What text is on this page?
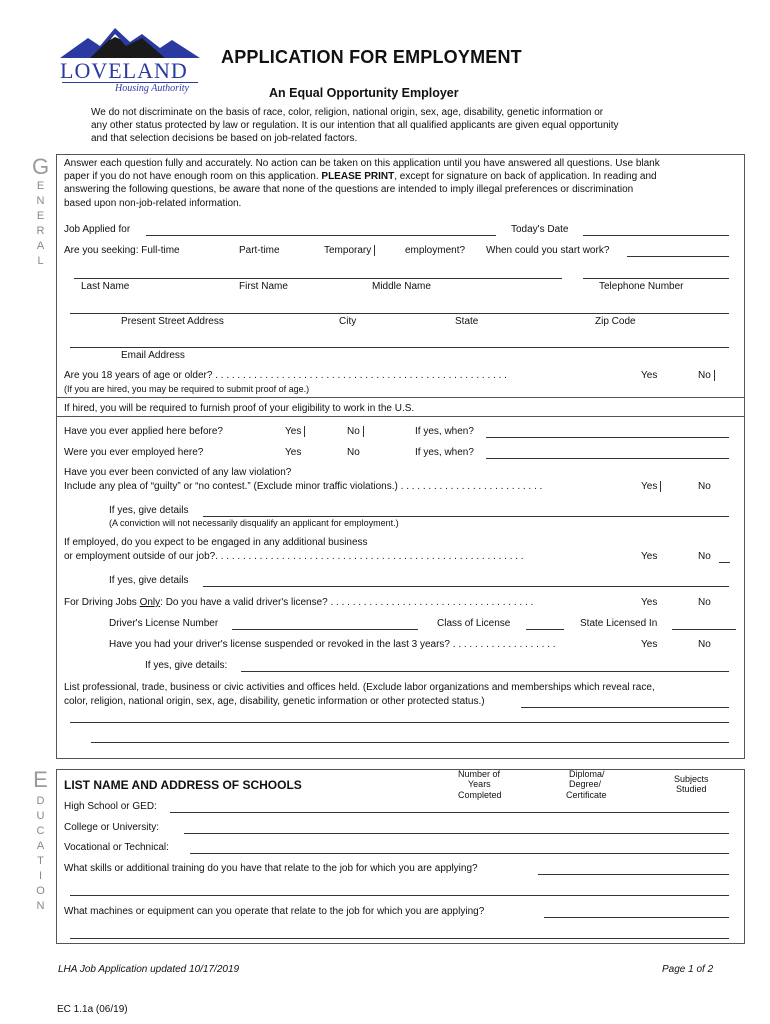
LOVELAND
Housing Authority
APPLICATION FOR EMPLOYMENT
An Equal Opportunity Employer
We do not discriminate on the basis of race, color, religion, national origin, sex, age, disability, genetic information or
any other status protected by law or regulation. It is our intention that all qualified applicants are given equal opportunity
and that selection decisions be based on job-related factors.
G
E
N
E
R
A
L
Answer each question fully and accurately. No action can be taken on this application until you have answered all questions. Use blank
paper if you do not have enough room on this application. PLEASE PRINT, except for signature on back of application. In reading and
answering the following questions, be aware that none of the questions are intended to imply illegal preferences or discrimination
based upon non-job-related information.
Job Applied for	Today's Date
Are you seeking: Full-time	Part-time	Temporary	employment? When could you start work?
Last Name	First Name	Middle Name	Telephone Number
Present Street Address	City	State	Zip Code
Email Address
Are you 18 years of age or older? . . . . . . . . . . . . . . . . . . . . . . . . . . . . . . . . . . . . . . . . . . . . . . . . . . . . .	Yes	No
(If you are hired, you may be required to submit proof of age.)
If hired, you will be required to furnish proof of your eligibility to work in the U.S.
Have you ever applied here before?	Yes	No	If yes, when?
Were you ever employed here?	Yes	No	If yes, when?
Have you ever been convicted of any law violation?
Include any plea of “guilty” or “no contest.” (Exclude minor traffic violations.) . . . . . . . . . . . . . . . . . . . . . . . . . .	Yes	No
If yes, give details
(A conviction will not necessarily disqualify an applicant for employment.)
If employed, do you expect to be engaged in any additional business
or employment outside of our job?. . . . . . . . . . . . . . . . . . . . . . . . . . . . . . . . . . . . . . . . . . . . . . . . . . . . . . . .	Yes	No
If yes, give details
For Driving Jobs Only: Do you have a valid driver's license? . . . . . . . . . . . . . . . . . . . . . . . . . . . . . . . . . . . . .	Yes	No
Driver's License Number	Class of License	State Licensed In
Have you had your driver's license suspended or revoked in the last 3 years? . . . . . . . . . . . . . . . . . . .	Yes	No
If yes, give details:
List professional, trade, business or civic activities and offices held. (Exclude labor organizations and memberships which reveal race,
color, religion, national origin, sex, age, disability, genetic information or other protected status.)
E
D
U
C
A
T
I
O
N
LIST NAME AND ADDRESS OF SCHOOLS
Number of
Years
Completed
Diploma/
Degree/
Certificate
Subjects
Studied
High School or GED:
College or University:
Vocational or Technical:
What skills or additional training do you have that relate to the job for which you are applying?
What machines or equipment can you operate that relate to the job for which you are applying?
LHA Job Application updated 10/17/2019	Page 1 of 2
EC 1.1a (06/19)
